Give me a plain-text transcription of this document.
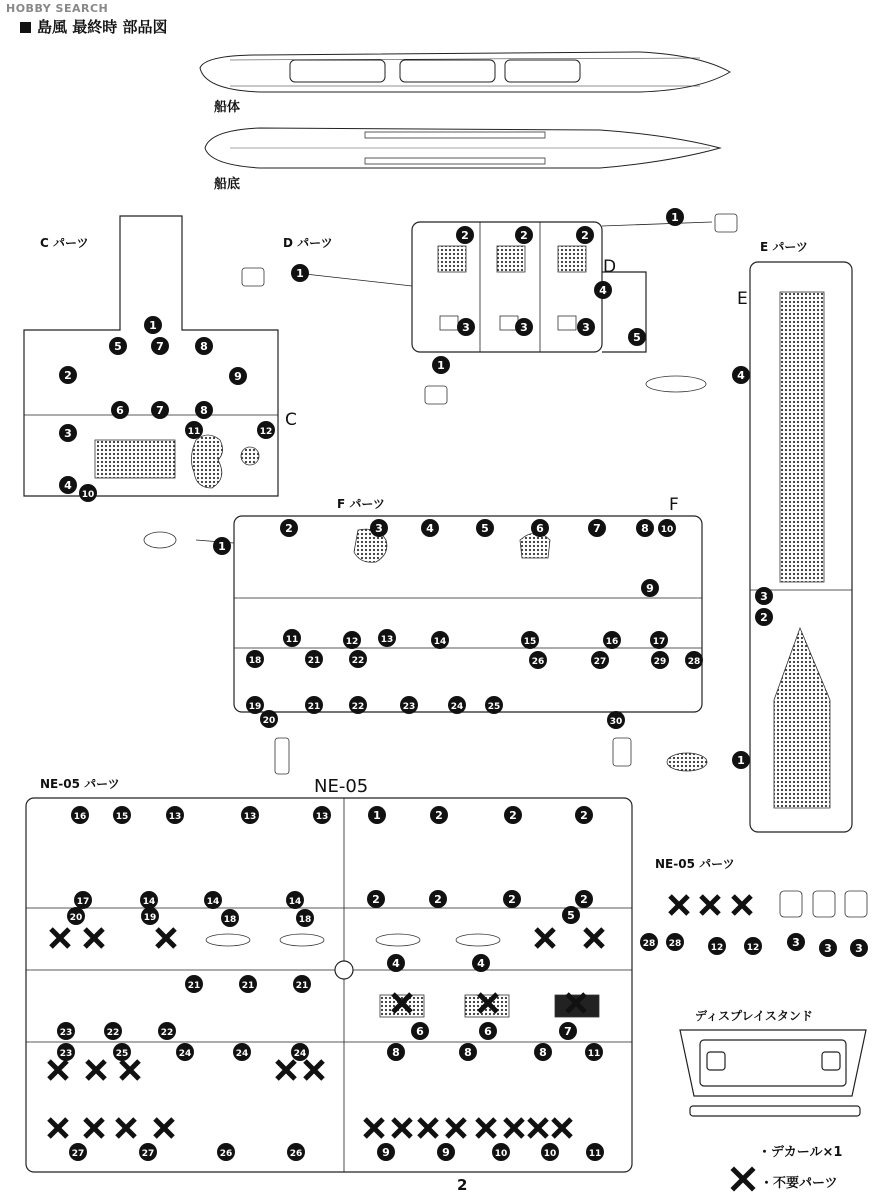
HOBBY SEARCH
島風 最終時 部品図
船体
船底
C パーツ	D パーツ	E パーツ
F パーツ
NE-05 パーツ
NE-05 パーツ
C
D
E
F
NE-05
ディスプレイスタンド
・デカール×1
・不要パーツ
2
1
2
3
4
5
6
7
7
8
8
9
10
11	12
1
1
1
2	2	2
3	3	3
4
5
1
2
3
4
1
2	3	4	5	6	7	8
9
10
11	12 13	14	15	16	17
18
19
20
21
21
22
22	23	24	25
26	27	28
29
30
13	13	13
14	14	14
15
16
17
18	18
19
20
21	21	21
22	22
23
23	24	24	24
25
26	26
27	27
1	2	2	2
2	2	2	2
3 3 3
4	4
5
6	6	7
8	8	8
9	9	10	10
11
11
12	12
28 28
